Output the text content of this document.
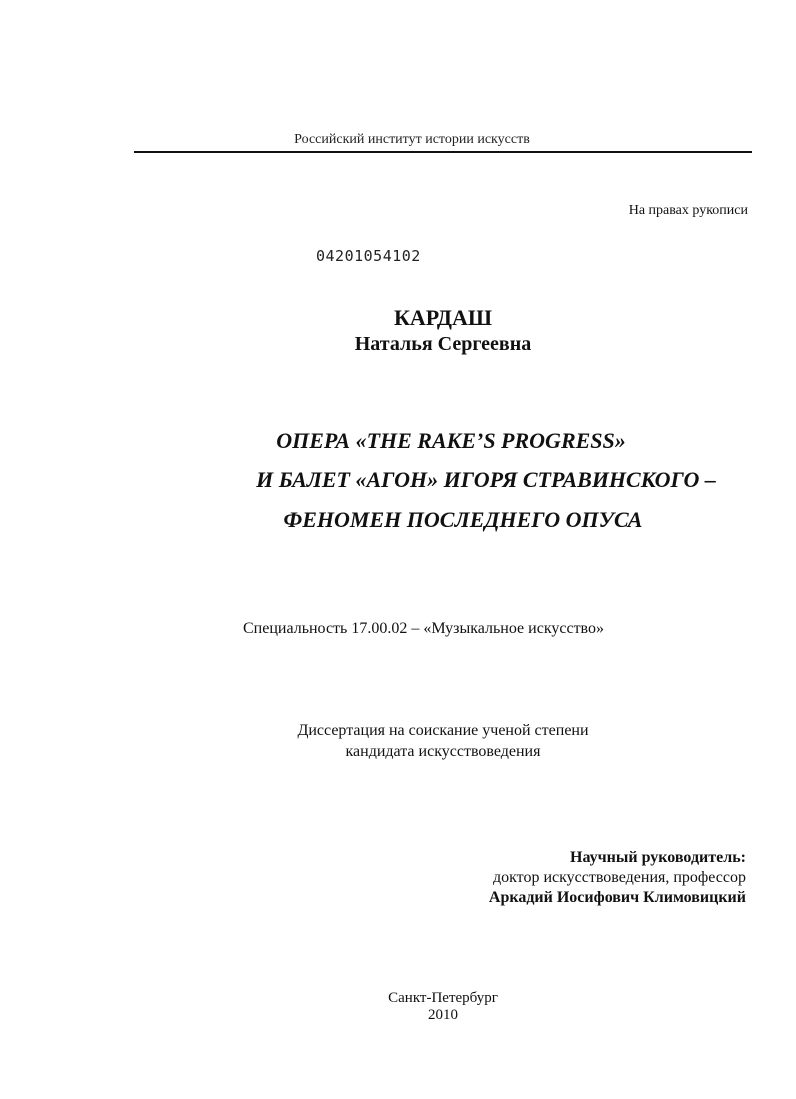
Российский институт истории искусств
На правах рукописи
04201054102
КАРДАШ
Наталья Сергеевна
ОПЕРА «THE RAKE’S PROGRESS»
И БАЛЕТ «АГОН» ИГОРЯ СТРАВИНСКОГО –
ФЕНОМЕН ПОСЛЕДНЕГО ОПУСА
Специальность 17.00.02 – «Музыкальное искусство»
Диссертация на соискание ученой степени
кандидата искусствоведения
Научный руководитель:
доктор искусствоведения, профессор
Аркадий Иосифович Климовицкий
Санкт-Петербург
2010
